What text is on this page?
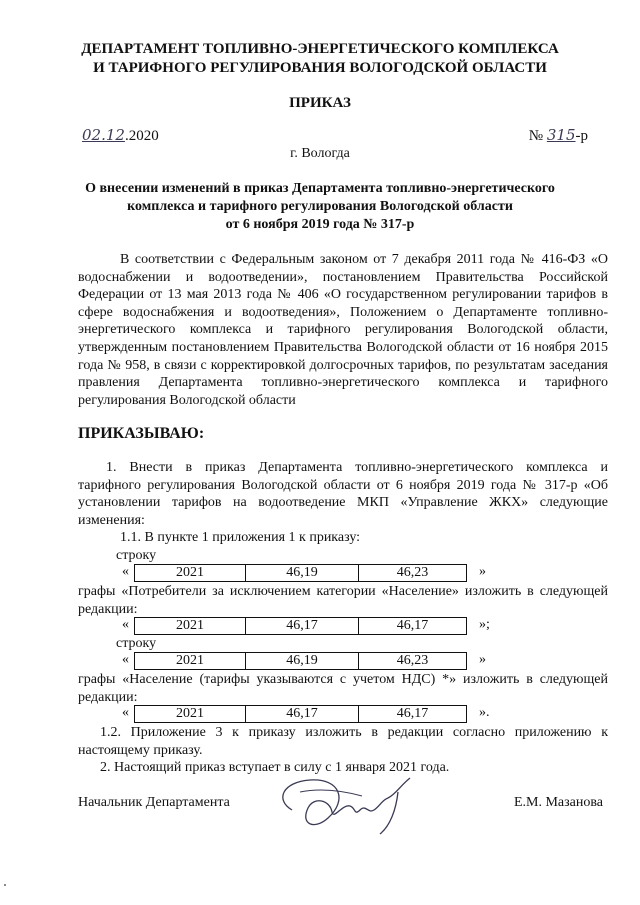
ДЕПАРТАМЕНТ ТОПЛИВНО-ЭНЕРГЕТИЧЕСКОГО КОМПЛЕКСА
И ТАРИФНОГО РЕГУЛИРОВАНИЯ ВОЛОГОДСКОЙ ОБЛАСТИ
ПРИКАЗ
02.12.2020	№ 315-р
г. Вологда
О внесении изменений в приказ Департамента топливно-энергетического
комплекса и тарифного регулирования Вологодской области
от 6 ноября 2019 года № 317-р

В соответствии с Федеральным законом от 7 декабря 2011 года № 416-ФЗ «О водоснабжении и водоотведении», постановлением Правительства Российской Федерации от 13 мая 2013 года № 406 «О государственном регулировании тарифов в сфере водоснабжения и водоотведения», Положением о Департаменте топливно-энергетического комплекса и тарифного регулирования Вологодской области, утвержденным постановлением Правительства Вологодской области от 16 ноября 2015 года № 958, в связи с корректировкой долгосрочных тарифов, по результатам заседания правления Департамента топливно-энергетического комплекса и тарифного регулирования Вологодской области

ПРИКАЗЫВАЮ:

1. Внести в приказ Департамента топливно-энергетического комплекса и тарифного регулирования Вологодской области от 6 ноября 2019 года № 317-р «Об установлении тарифов на водоотведение МКП «Управление ЖКХ» следующие изменения:

1.1. В пункте 1 приложения 1 к приказу:
строку
«	2021	46,19	46,23	»

графы «Потребители за исключением категории «Население» изложить в следующей редакции:

«	2021	46,17	46,17	»;
строку
«	2021	46,19	46,23	»

графы «Население (тарифы указываются с учетом НДС) *» изложить в следующей редакции:

«	2021	46,17	46,17	».

1.2. Приложение 3 к приказу изложить в редакции согласно приложению к настоящему приказу.

2. Настоящий приказ вступает в силу с 1 января 2021 года.
Начальник Департамента	Е.М. Мазанова
